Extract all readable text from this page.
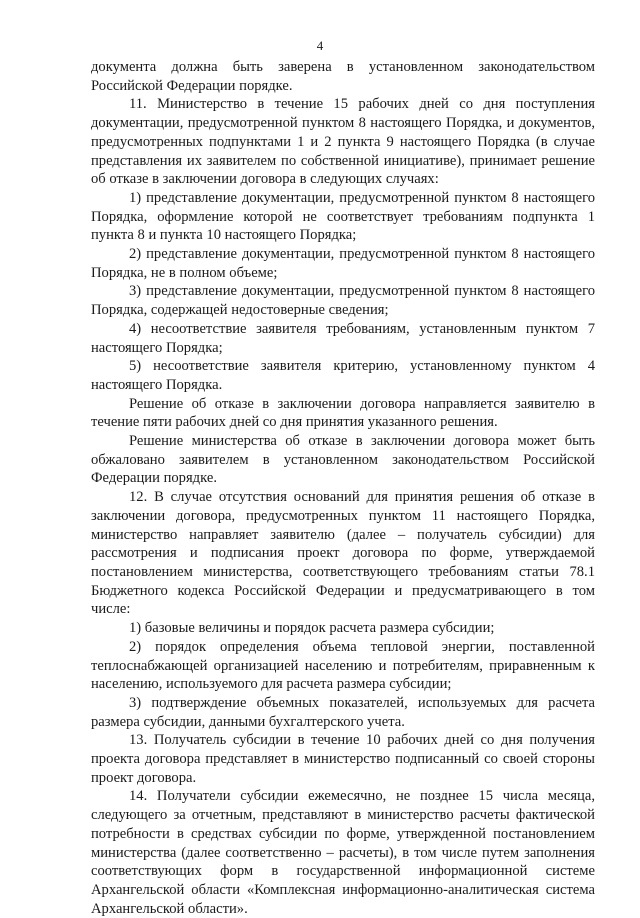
4

документа должна быть заверена в установленном законодательством Российской Федерации порядке.

11. Министерство в течение 15 рабочих дней со дня поступления документации, предусмотренной пунктом 8 настоящего Порядка, и документов, предусмотренных подпунктами 1 и 2 пункта 9 настоящего Порядка (в случае представления их заявителем по собственной инициативе), принимает решение об отказе в заключении договора в следующих случаях:

1) представление документации, предусмотренной пунктом 8 настоящего Порядка, оформление которой не соответствует требованиям подпункта 1 пункта 8 и пункта 10 настоящего Порядка;

2) представление документации, предусмотренной пунктом 8 настоящего Порядка, не в полном объеме;

3) представление документации, предусмотренной пунктом 8 настоящего Порядка, содержащей недостоверные сведения;

4) несоответствие заявителя требованиям, установленным пунктом 7 настоящего Порядка;

5) несоответствие заявителя критерию, установленному пунктом 4 настоящего Порядка.

Решение об отказе в заключении договора направляется заявителю в течение пяти рабочих дней со дня принятия указанного решения.

Решение министерства об отказе в заключении договора может быть обжаловано заявителем в установленном законодательством Российской Федерации порядке.

12. В случае отсутствия оснований для принятия решения об отказе в заключении договора, предусмотренных пунктом 11 настоящего Порядка, министерство направляет заявителю (далее – получатель субсидии) для рассмотрения и подписания проект договора по форме, утверждаемой постановлением министерства, соответствующего требованиям статьи 78.1 Бюджетного кодекса Российской Федерации и предусматривающего в том числе:

1) базовые величины и порядок расчета размера субсидии;

2) порядок определения объема тепловой энергии, поставленной теплоснабжающей организацией населению и потребителям, приравненным к населению, используемого для расчета размера субсидии;

3) подтверждение объемных показателей, используемых для расчета размера субсидии, данными бухгалтерского учета.

13. Получатель субсидии в течение 10 рабочих дней со дня получения проекта договора представляет в министерство подписанный со своей стороны проект договора.

14. Получатели субсидии ежемесячно, не позднее 15 числа месяца, следующего за отчетным, представляют в министерство расчеты фактической потребности в средствах субсидии по форме, утвержденной постановлением министерства (далее соответственно – расчеты), в том числе путем заполнения соответствующих форм в государственной информационной системе Архангельской области «Комплексная информационно-аналитическая система Архангельской области».
